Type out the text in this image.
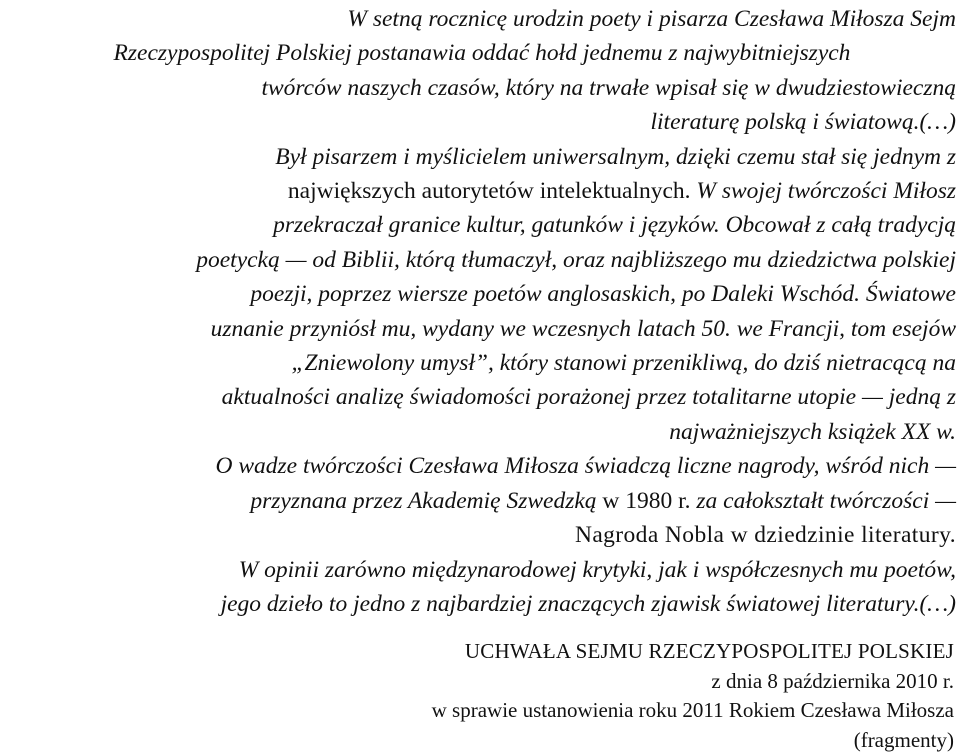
W setną rocznicę urodzin poety i pisarza Czesława Miłosza Sejm
Rzeczypospolitej Polskiej postanawia oddać hołd jednemu z najwybitniejszych
twórców naszych czasów, który na trwałe wpisał się w dwudziestowieczną
literaturę polską i światową.(…)
Był pisarzem i myślicielem uniwersalnym, dzięki czemu stał się jednym z
największych autorytetów intelektualnych. W swojej twórczości Miłosz
przekraczał granice kultur, gatunków i języków. Obcował z całą tradycją
poetycką — od Biblii, którą tłumaczył, oraz najbliższego mu dziedzictwa polskiej
poezji, poprzez wiersze poetów anglosaskich, po Daleki Wschód. Światowe
uznanie przyniósł mu, wydany we wczesnych latach 50. we Francji, tom esejów
„Zniewolony umysł”, który stanowi przenikliwą, do dziś nietracącą na
aktualności analizę świadomości porażonej przez totalitarne utopie — jedną z
najważniejszych książek XX w.
O wadze twórczości Czesława Miłosza świadczą liczne nagrody, wśród nich —
przyznana przez Akademię Szwedzką w 1980 r. za całokształt twórczości —
Nagroda Nobla w dziedzinie literatury.
W opinii zarówno międzynarodowej krytyki, jak i współczesnych mu poetów,
jego dzieło to jedno z najbardziej znaczących zjawisk światowej literatury.(…)
UCHWAŁA SEJMU RZECZYPOSPOLITEJ POLSKIEJ
z dnia 8 października 2010 r.
w sprawie ustanowienia roku 2011 Rokiem Czesława Miłosza
(fragmenty)
